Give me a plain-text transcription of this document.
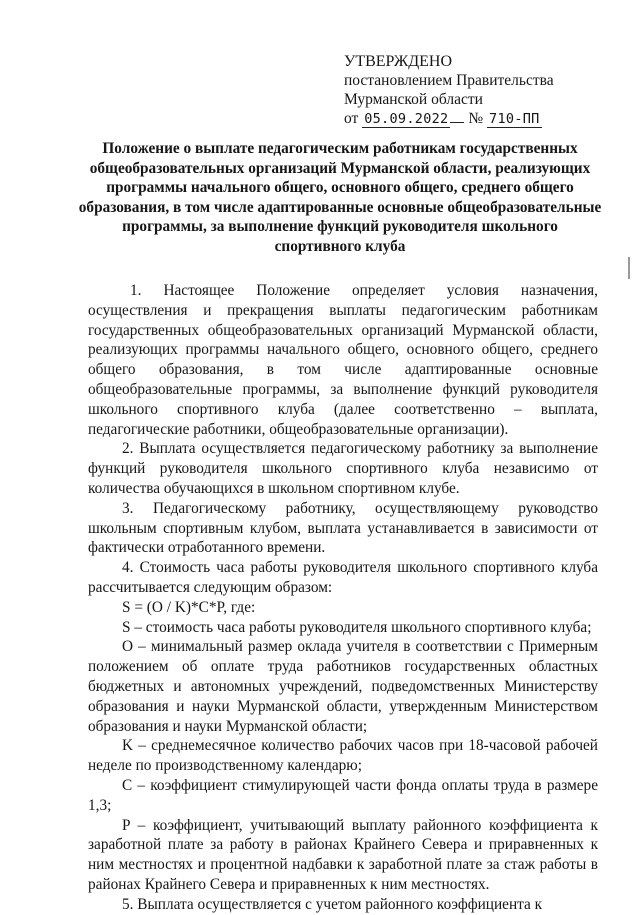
УТВЕРЖДЕНО
постановлением Правительства
Мурманской области
от 05.09.2022 № 710-ПП
Положение о выплате педагогическим работникам государственных общеобразовательных организаций Мурманской области, реализующих программы начального общего, основного общего, среднего общего образования, в том числе адаптированные основные общеобразовательные программы, за выполнение функций руководителя школьного спортивного клуба

1. Настоящее Положение определяет условия назначения, осуществления и прекращения выплаты педагогическим работникам государственных общеобразовательных организаций Мурманской области, реализующих программы начального общего, основного общего, среднего общего образования, в том числе адаптированные основные общеобразовательные программы, за выполнение функций руководителя школьного спортивного клуба (далее соответственно – выплата, педагогические работники, общеобразовательные организации).

2. Выплата осуществляется педагогическому работнику за выполнение функций руководителя школьного спортивного клуба независимо от количества обучающихся в школьном спортивном клубе.

3. Педагогическому работнику, осуществляющему руководство школьным спортивным клубом, выплата устанавливается в зависимости от фактически отработанного времени.

4. Стоимость часа работы руководителя школьного спортивного клуба рассчитывается следующим образом:

S = (O / K)*C*P, где:

S – стоимость часа работы руководителя школьного спортивного клуба;

O – минимальный размер оклада учителя в соответствии с Примерным положением об оплате труда работников государственных областных бюджетных и автономных учреждений, подведомственных Министерству образования и науки Мурманской области, утвержденным Министерством образования и науки Мурманской области;

K – среднемесячное количество рабочих часов при 18-часовой рабочей неделе по производственному календарю;

C – коэффициент стимулирующей части фонда оплаты труда в размере 1,3;

P – коэффициент, учитывающий выплату районного коэффициента к заработной плате за работу в районах Крайнего Севера и приравненных к ним местностях и процентной надбавки к заработной плате за стаж работы в районах Крайнего Севера и приравненных к ним местностях.

5. Выплата осуществляется с учетом районного коэффициента к
